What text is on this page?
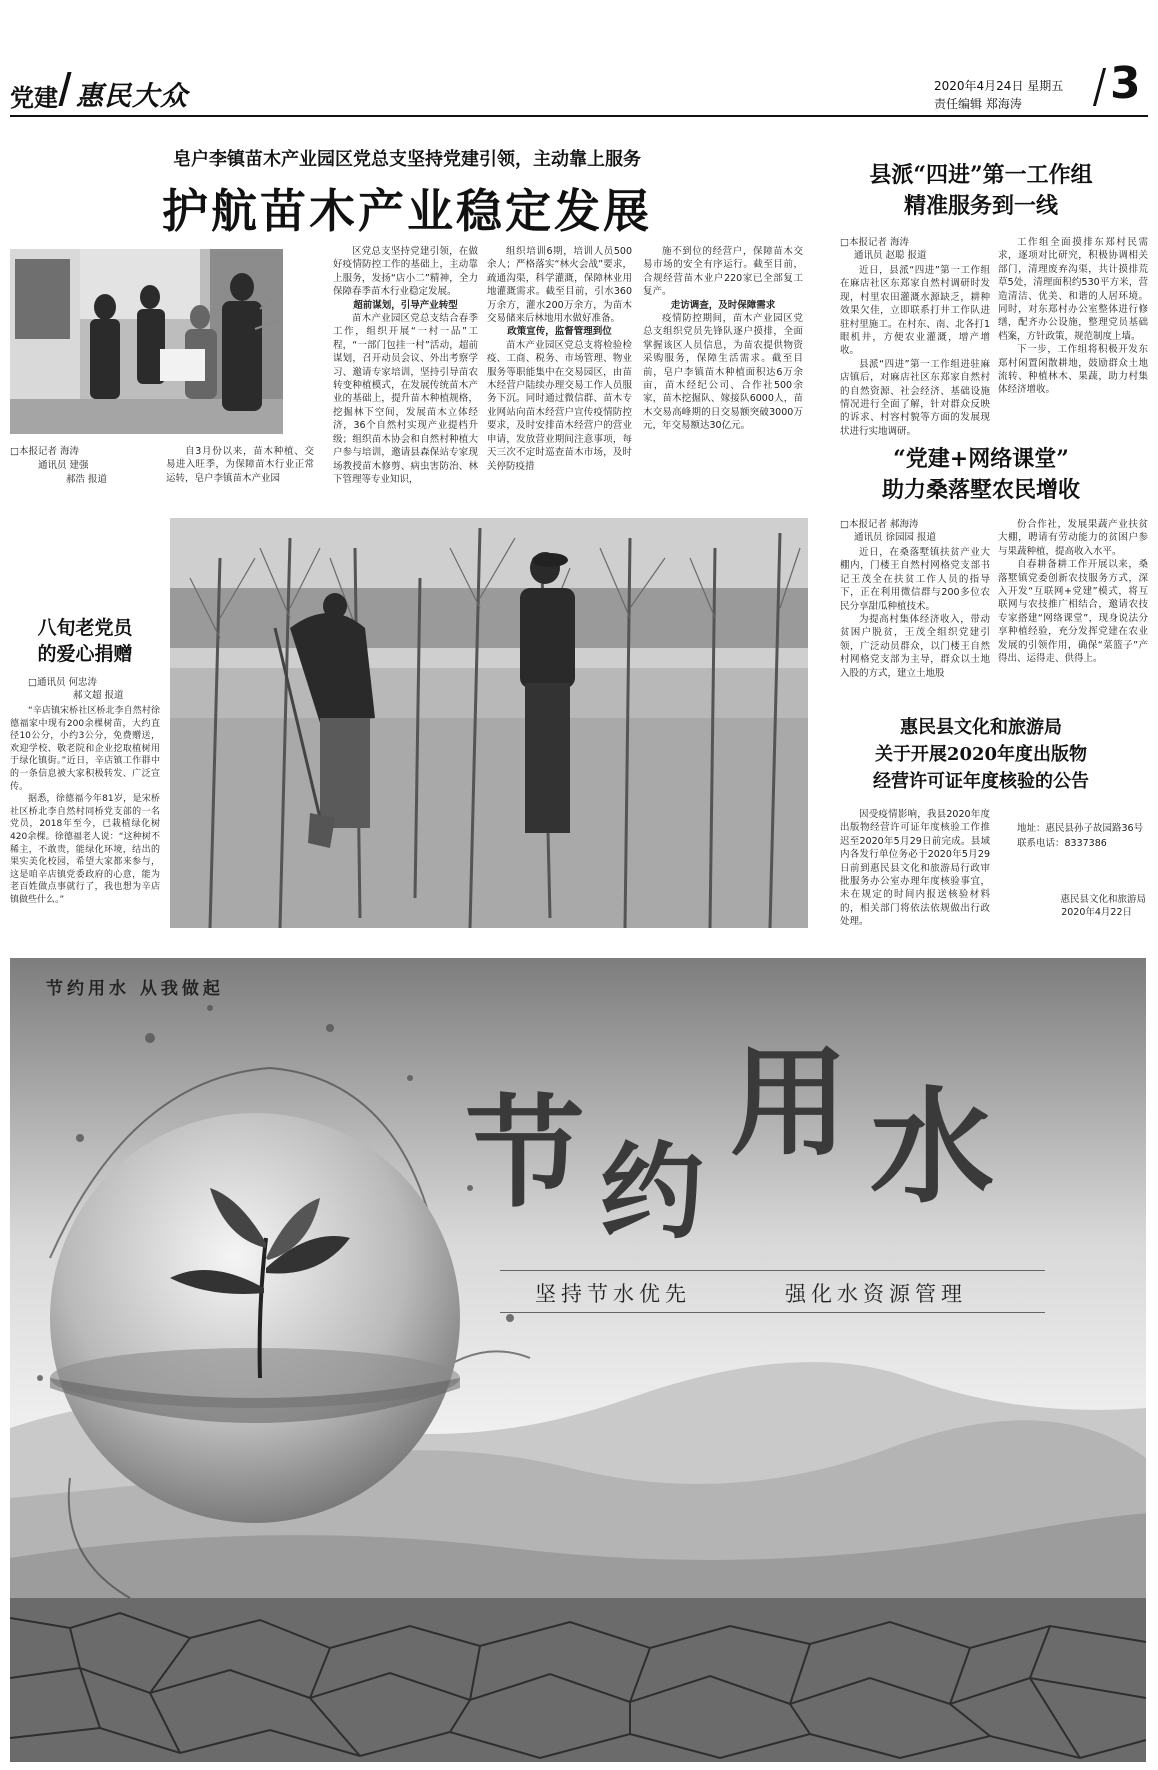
党建 惠民大众	2020年4月24日 星期五
责任编辑 郑海涛 3
皂户李镇苗木产业园区党总支坚持党建引领，主动靠上服务
护航苗木产业稳定发展
□本报记者 海涛
通讯员 建强
郝浩 报道

自3月份以来，苗木种植、交易进入旺季，为保障苗木行业正常运转，皂户李镇苗木产业园

区党总支坚持党建引领，在做好疫情防控工作的基础上，主动靠上服务，发扬“店小二”精神，全力保障春季苗木行业稳定发展。

超前谋划，引导产业转型

苗木产业园区党总支结合春季工作，组织开展“一村一品”工程，“一部门包挂一村”活动，超前谋划，召开动员会议、外出考察学习、邀请专家培训，坚持引导苗农转变种植模式，在发展传统苗木产业的基础上，提升苗木种植规格，挖掘林下空间，发展苗木立体经济，36个自然村实现产业提档升级；组织苗木协会和自然村种植大户参与培训，邀请县森保站专家现场教授苗木修剪、病虫害防治、林下管理等专业知识，

组织培训6期，培训人员500余人；严格落实“林火会战”要求，疏通沟渠，科学灌溉，保障林业用地灌溉需求。截至目前，引水360万余方，灌水200万余方，为苗木交易储来后林地用水做好准备。

政策宣传，监督管理到位

苗木产业园区党总支将检验检疫、工商、税务、市场管理、物业服务等职能集中在交易园区，由苗木经营户陆续办理交易工作人员服务下沉。同时通过微信群、苗木专业网站向苗木经营户宣传疫情防控要求，及时安排苗木经营户的营业申请，发放营业期间注意事项，每天三次不定时巡查苗木市场，及时关停防疫措

施不到位的经营户，保障苗木交易市场的安全有序运行。截至目前，合规经营苗木业户220家已全部复工复产。

走访调查，及时保障需求

疫情防控期间，苗木产业园区党总支组织党员先锋队逐户摸排，全面掌握该区人员信息，为苗农提供物资采购服务，保障生活需求。截至目前，皂户李镇苗木种植面积达6万余亩，苗木经纪公司、合作社500余家，苗木挖掘队、嫁接队6000人，苗木交易高峰期的日交易额突破3000万元，年交易额达30亿元。

八旬老党员
的爱心捐赠
□通讯员 何忠涛
郝文超 报道

“辛店镇宋桥社区桥北李自然村徐德福家中现有200余棵树苗，大约直径10公分，小约3公分，免费赠送，欢迎学校、敬老院和企业挖取植树用于绿化镇街。”近日，辛店镇工作群中的一条信息被大家积极转发、广泛宣传。

据悉，徐德福今年81岁，是宋桥社区桥北李自然村同桥党支部的一名党员，2018年至今，已栽植绿化树420余棵。徐德福老人说：“这种树不稀主，不敢贵，能绿化环境，结出的果实美化校园，希望大家都来参与，这是咱辛店镇党委政府的心意，能为老百姓做点事就行了，我也想为辛店镇做些什么。”

县派“四进”第一工作组
精准服务到一线
□本报记者 海涛
通讯员 赵聪 报道

近日，县派“四进”第一工作组在麻店社区东郑家自然村调研时发现，村里农田灌溉水源缺乏，耕种效果欠佳，立即联系打井工作队进驻村里施工。在村东、南、北各打1眼机井，方便农业灌溉，增产增收。

县派“四进”第一工作组进驻麻店镇后，对麻店社区东郑家自然村的自然资源、社会经济、基础设施情况进行全面了解，针对群众反映的诉求、村容村貌等方面的发展现状进行实地调研。

工作组全面摸排东郑村民需求，逐项对比研究，积极协调相关部门，清理废弃沟渠，共计摸排荒草5处，清理面积约530平方米，营造清洁、优美、和谐的人居环境。同时，对东郑村办公室整体进行修缮，配齐办公设施，整理党员基础档案，方针政策，规范制度上墙。

下一步，工作组将积极开发东郑村闲置闲散耕地，鼓励群众土地流转、种植林木、果蔬，助力村集体经济增收。

“党建+网络课堂”
助力桑落墅农民增收
□本报记者 郝海涛
通讯员 徐园园 报道

近日，在桑落墅镇扶贫产业大棚内，门楼王自然村网格党支部书记王茂全在扶贫工作人员的指导下，正在利用微信群与200多位农民分享甜瓜种植技术。

为提高村集体经济收入，带动贫困户脱贫，王茂全组织党建引领，广泛动员群众，以门楼王自然村网格党支部为主导，群众以土地入股的方式，建立土地股

份合作社，发展果蔬产业扶贫大棚，聘请有劳动能力的贫困户参与果蔬种植，提高收入水平。

自春耕备耕工作开展以来，桑落墅镇党委创新农技服务方式，深入开发“互联网+党建”模式，将互联网与农技推广相结合，邀请农技专家搭建“网络课堂”，现身说法分享种植经验，充分发挥党建在农业发展的引领作用，确保“菜篮子”产得出、运得走、供得上。

惠民县文化和旅游局
关于开展2020年度出版物
经营许可证年度核验的公告

因受疫情影响，我县2020年度出版物经营许可证年度核验工作推迟至2020年5月29日前完成。县域内各发行单位务必于2020年5月29日前到惠民县文化和旅游局行政审批服务办公室办理年度核验事宜，未在规定的时间内报送核验材料的，相关部门将依法依规做出行政处理。

地址：惠民县孙子故园路36号
联系电话：8337386
惠民县文化和旅游局
2020年4月22日
节约用水 从我做起
节 约
用 水
坚持节水优先	强化水资源管理
